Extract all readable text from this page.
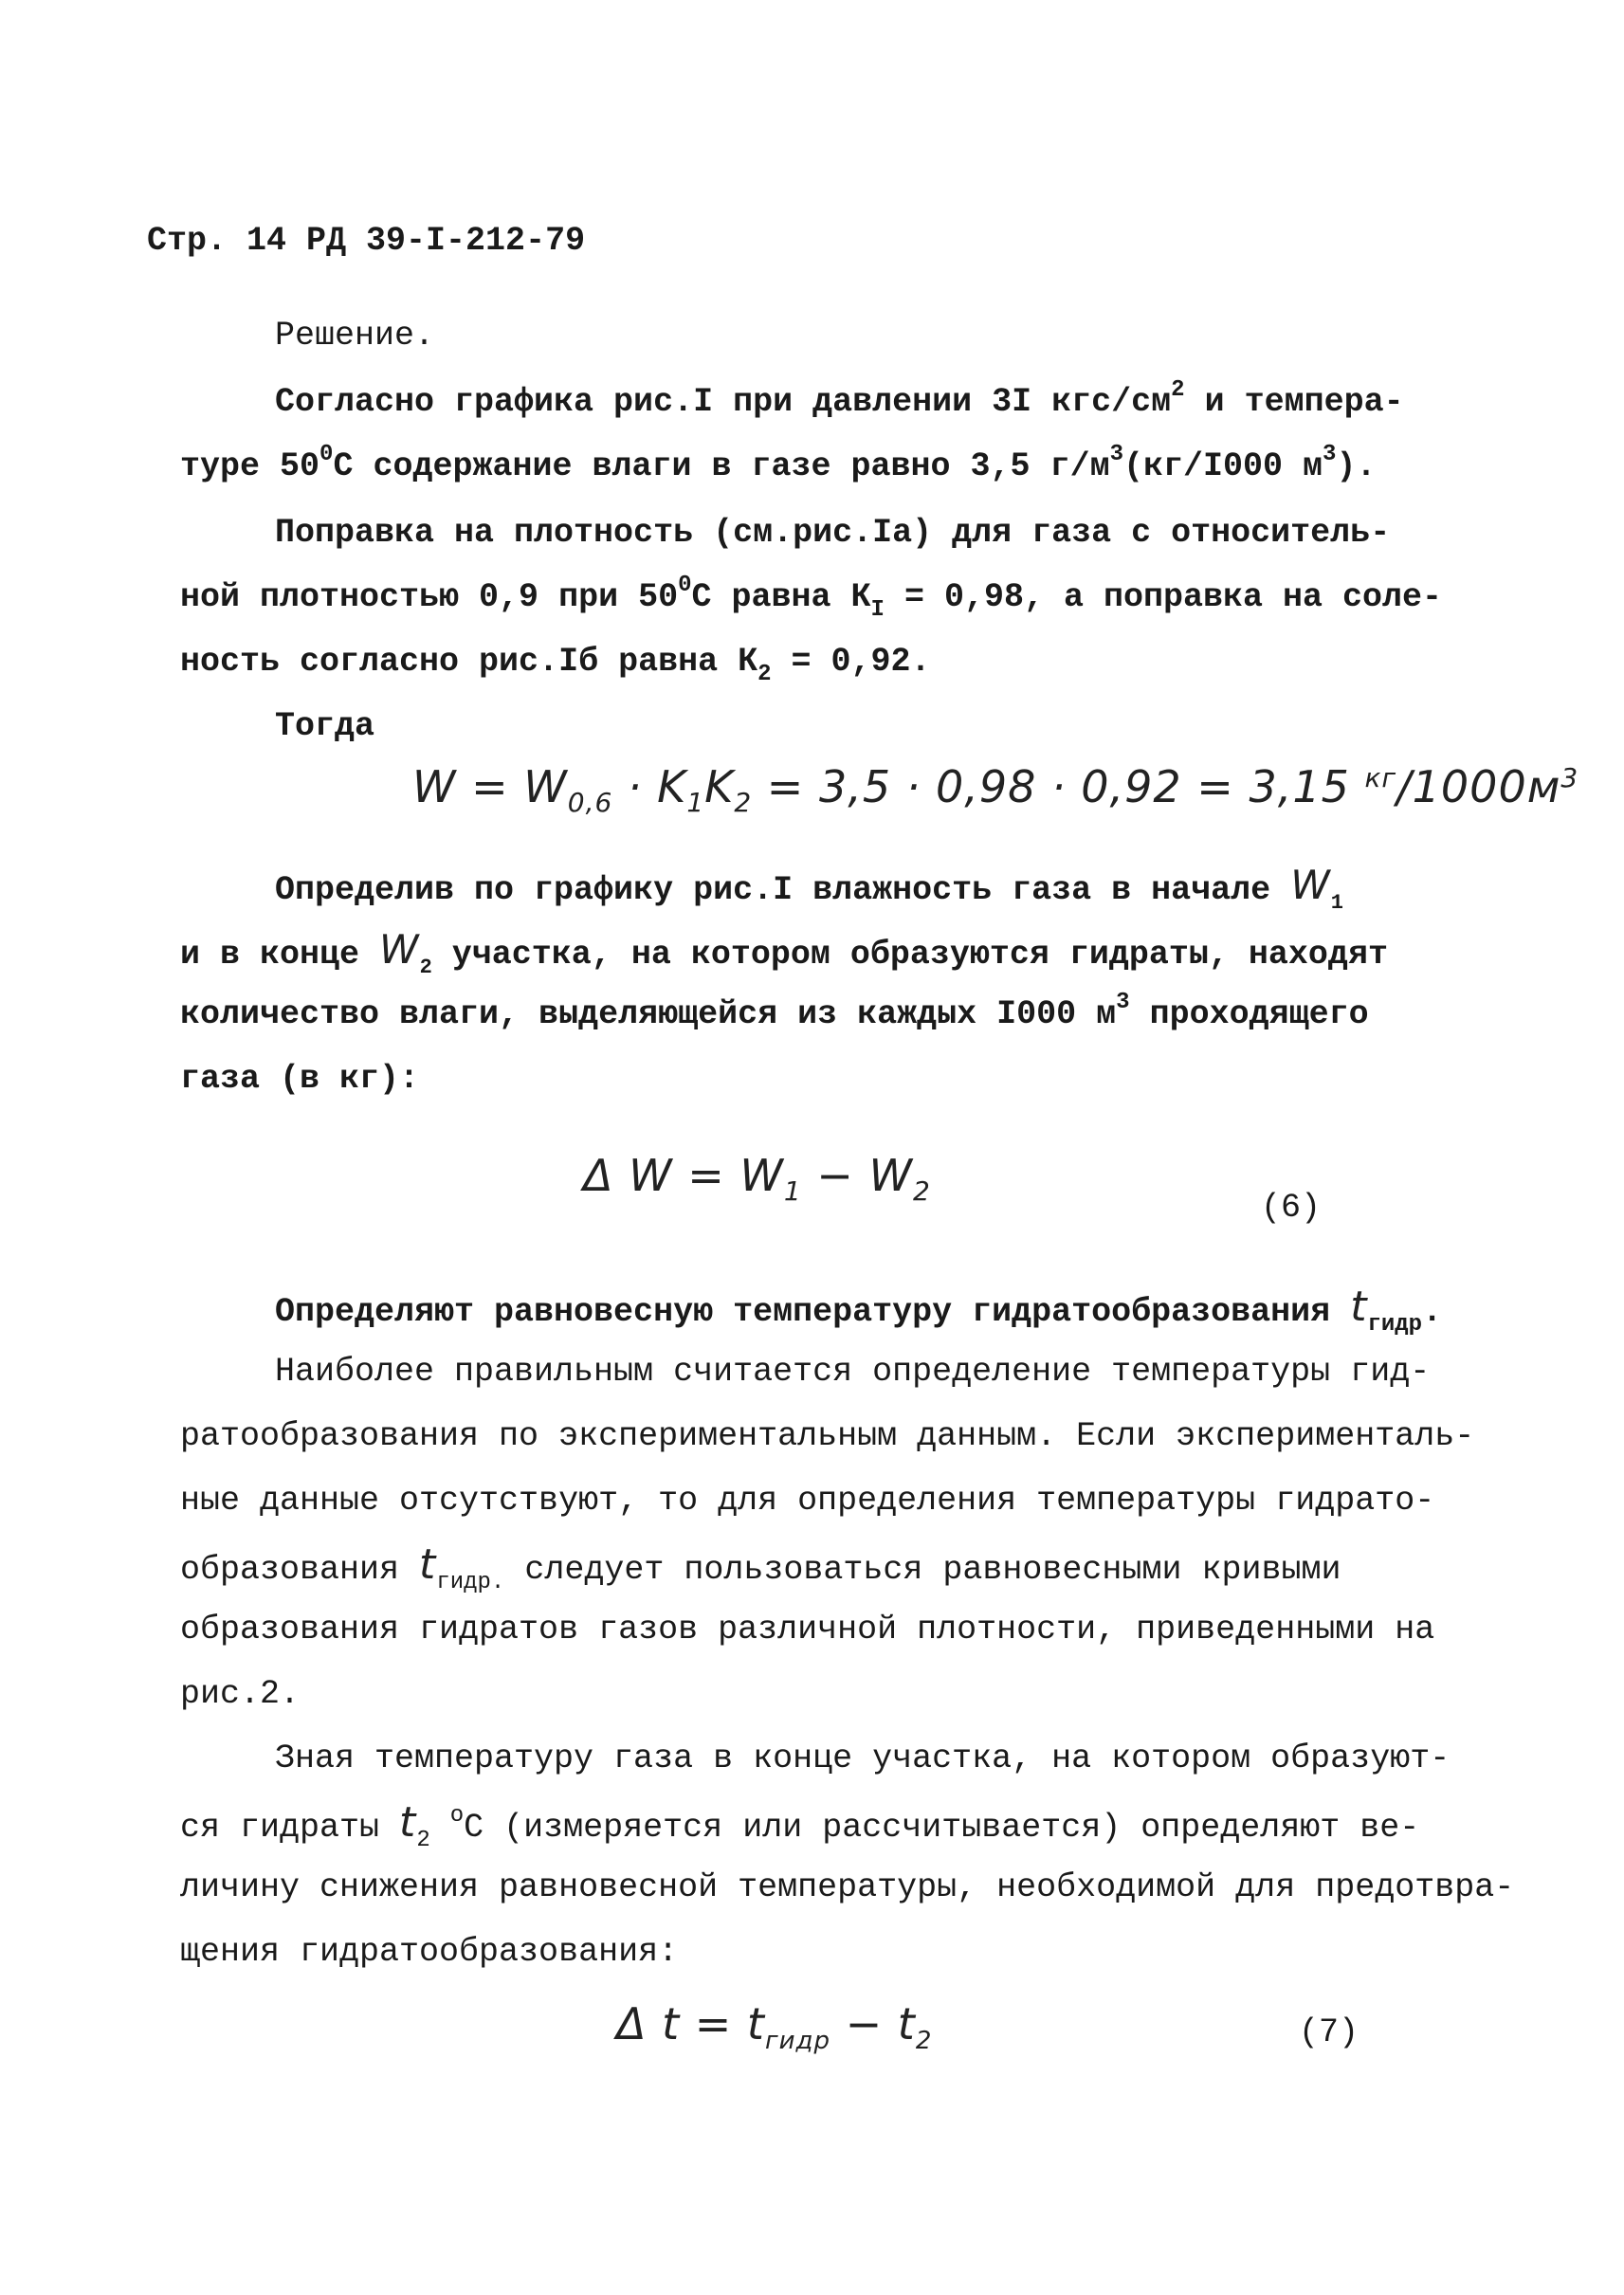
Стр. 14 РД 39-I-212-79
Решение.
Согласно графика рис.I при давлении 3I кгс/$см^2$ и темпера-
туре $50^0С$ содержание влаги в газе равно 3,5 $г/м^3(кг/I000$ $м^3$).
Поправка на плотность (см.рис.Iа) для газа с относитель-
ной плотностью 0,9 при $50^0С$ равна $К_I = 0,98$, а поправка на соле-
ность согласно рис.Iб равна $К_2 = 0,92$.
Тогда
$W = W_{0,6} \cdot K_1K_2 = 3,5 \cdot 0,98 \cdot 0,92 = 3,15$ $^{кг}/1000м^3$
Определив по графику рис.I влажность газа в начале $W_1$
и в конце $W_2$ участка, на котором образуются гидраты, находят
количество влаги, выделяющейся из каждых I000 $м^3$ проходящего
газа (в кг):
Δ $W = W_1 - W_2$	(6)
Определяют равновесную температуру гидратообразования $t_{гидр}$.
Наиболее правильным считается определение температуры гид-
ратообразования по экспериментальным данным. Если эксперименталь-
ные данные отсутствуют, то для определения температуры гидрато-
образования $t_{гидр.}$ следует пользоваться равновесными кривыми
образования гидратов газов различной плотности, приведенными на
рис.2.
Зная температуру газа в конце участка, на котором образуют-
ся гидраты $t_2$ $^o$С (измеряется или рассчитывается) определяют ве-
личину снижения равновесной температуры, необходимой для предотвра-
щения гидратообразования:
Δ $t = t_{гидр} - t_2$	(7)
